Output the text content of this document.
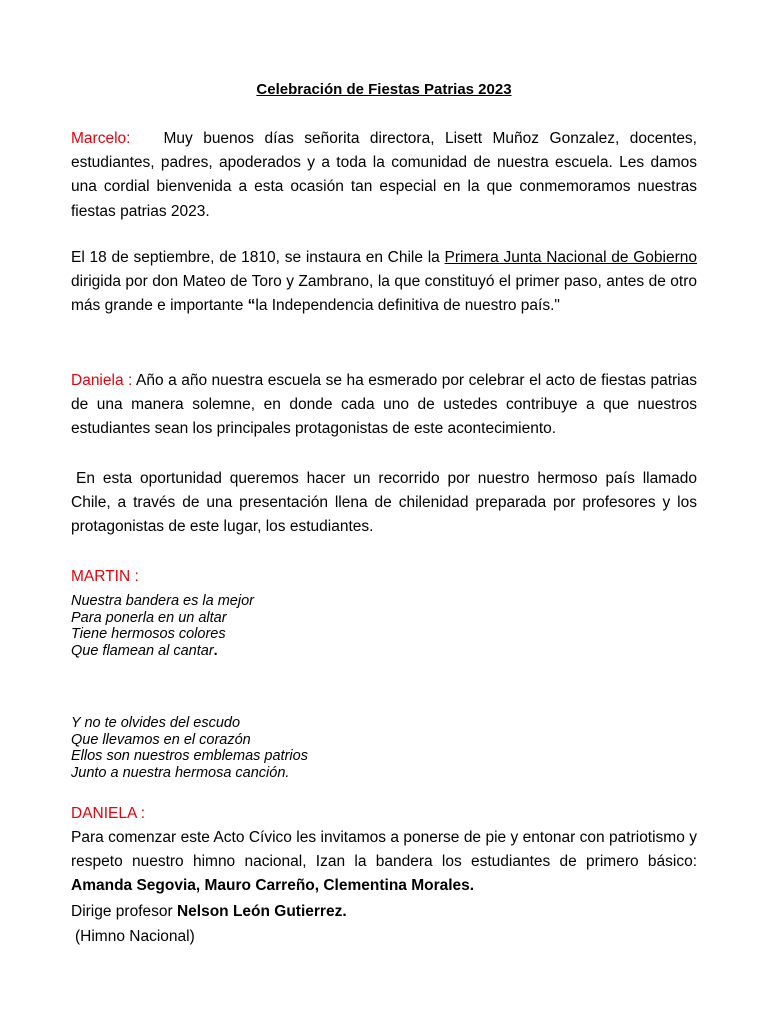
Celebración de Fiestas Patrias 2023

Marcelo: Muy buenos días señorita directora, Lisett Muñoz Gonzalez, docentes, estudiantes, padres, apoderados y a toda la comunidad de nuestra escuela. Les damos una cordial bienvenida a esta ocasión tan especial en la que conmemoramos nuestras fiestas patrias 2023.

El 18 de septiembre, de 1810, se instaura en Chile la Primera Junta Nacional de Gobierno dirigida por don Mateo de Toro y Zambrano, la que constituyó el primer paso, antes de otro más grande e importante “la Independencia definitiva de nuestro país."

Daniela : Año a año nuestra escuela se ha esmerado por celebrar el acto de fiestas patrias de una manera solemne, en donde cada uno de ustedes contribuye a que nuestros estudiantes sean los principales protagonistas de este acontecimiento.

En esta oportunidad queremos hacer un recorrido por nuestro hermoso país llamado Chile, a través de una presentación llena de chilenidad preparada por profesores y los protagonistas de este lugar, los estudiantes.

MARTIN :
Nuestra bandera es la mejor
Para ponerla en un altar
Tiene hermosos colores
Que flamean al cantar.
Y no te olvides del escudo
Que llevamos en el corazón
Ellos son nuestros emblemas patrios
Junto a nuestra hermosa canción.
DANIELA :

Para comenzar este Acto Cívico les invitamos a ponerse de pie y entonar con patriotismo y respeto nuestro himno nacional, Izan la bandera los estudiantes de primero básico: Amanda Segovia, Mauro Carreño, Clementina Morales.

Dirige profesor Nelson León Gutierrez.
(Himno Nacional)
